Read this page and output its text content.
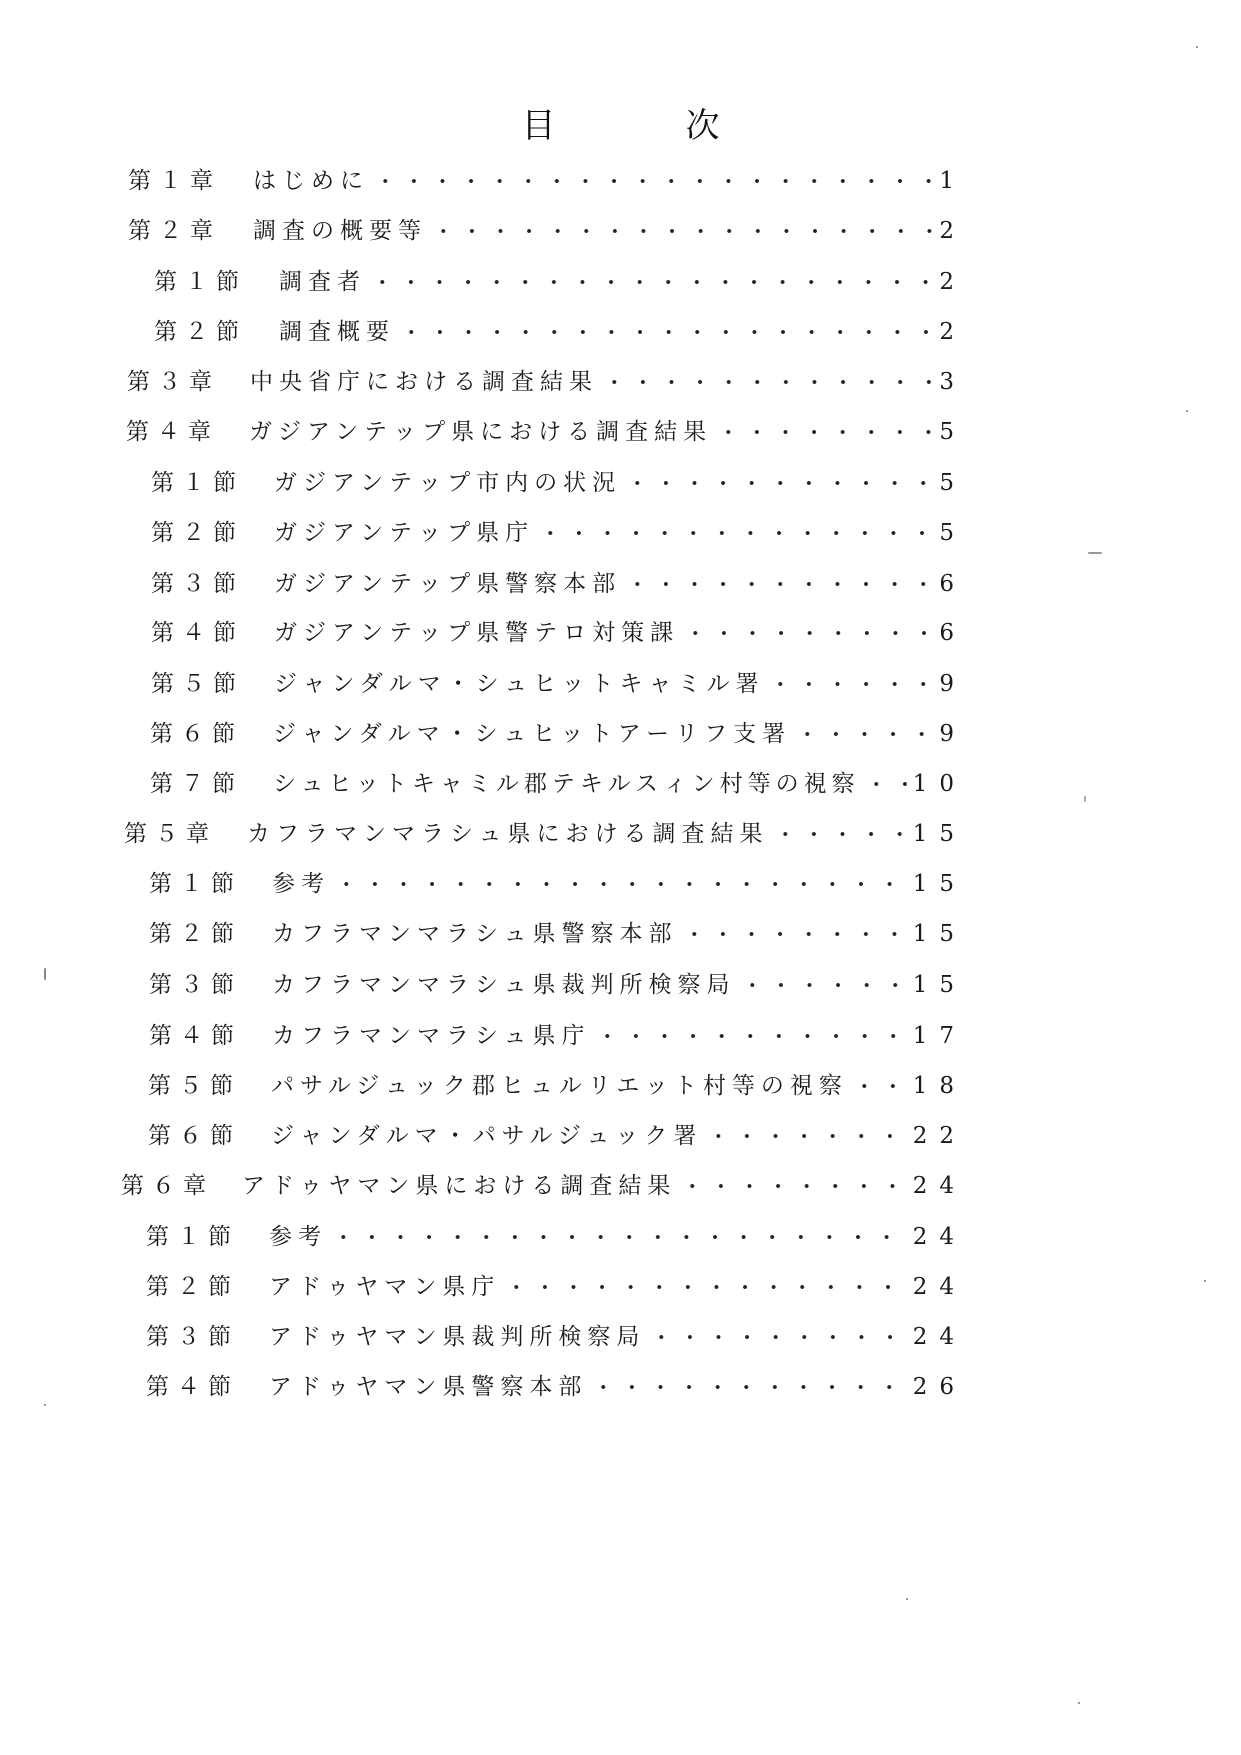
目　次
第１章 はじめに	1
第２章 調査の概要等	2
第１節 調査者	2
第２節 調査概要	2
第３章 中央省庁における調査結果	3
第４章 ガジアンテップ県における調査結果	5
第１節 ガジアンテップ市内の状況	5
第２節 ガジアンテップ県庁	5
第３節 ガジアンテップ県警察本部	6
第４節 ガジアンテップ県警テロ対策課	6
第５節 ジャンダルマ・シュヒットキャミル署	9
第６節 ジャンダルマ・シュヒットアーリフ支署	9
第７節 シュヒットキャミル郡テキルスィン村等の視察 10
第５章 カフラマンマラシュ県における調査結果	15
第１節 参考	15
第２節 カフラマンマラシュ県警察本部	15
第３節 カフラマンマラシュ県裁判所検察局	15
第４節 カフラマンマラシュ県庁	17
第５節 パサルジュック郡ヒュルリエット村等の視察	18
第６節 ジャンダルマ・パサルジュック署	22
第６章 アドゥヤマン県における調査結果	24
第１節 参考	24
第２節 アドゥヤマン県庁	24
第３節 アドゥヤマン県裁判所検察局	24
第４節 アドゥヤマン県警察本部	26
